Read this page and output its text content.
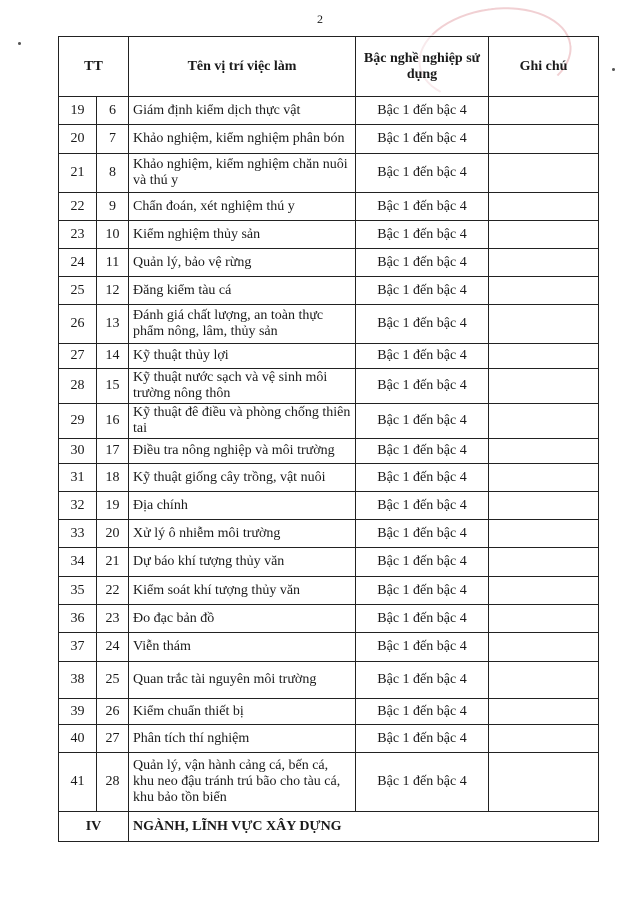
2
TT		Tên vị trí việc làm	Bậc nghề nghiệp sử dụng	Ghi chú
19	6	Giám định kiểm dịch thực vật	Bậc 1 đến bậc 4	
20	7	Khảo nghiệm, kiểm nghiệm phân bón	Bậc 1 đến bậc 4	
21	8	Khảo nghiệm, kiểm nghiệm chăn nuôi và thú y	Bậc 1 đến bậc 4	
22	9	Chẩn đoán, xét nghiệm thú y	Bậc 1 đến bậc 4	
23	10	Kiểm nghiệm thủy sản	Bậc 1 đến bậc 4	
24	11	Quản lý, bảo vệ rừng	Bậc 1 đến bậc 4	
25	12	Đăng kiểm tàu cá	Bậc 1 đến bậc 4	
26	13	Đánh giá chất lượng, an toàn thực phẩm nông, lâm, thủy sản	Bậc 1 đến bậc 4	
27	14	Kỹ thuật thủy lợi	Bậc 1 đến bậc 4	
28	15	Kỹ thuật nước sạch và vệ sinh môi trường nông thôn	Bậc 1 đến bậc 4	
29	16	Kỹ thuật đê điều và phòng chống thiên tai	Bậc 1 đến bậc 4	
30	17	Điều tra nông nghiệp và môi trường	Bậc 1 đến bậc 4	
31	18	Kỹ thuật giống cây trồng, vật nuôi	Bậc 1 đến bậc 4	
32	19	Địa chính	Bậc 1 đến bậc 4	
33	20	Xử lý ô nhiễm môi trường	Bậc 1 đến bậc 4	
34	21	Dự báo khí tượng thủy văn	Bậc 1 đến bậc 4	
35	22	Kiểm soát khí tượng thủy văn	Bậc 1 đến bậc 4	
36	23	Đo đạc bản đồ	Bậc 1 đến bậc 4	
37	24	Viễn thám	Bậc 1 đến bậc 4	
38	25	Quan trắc tài nguyên môi trường	Bậc 1 đến bậc 4	
39	26	Kiểm chuẩn thiết bị	Bậc 1 đến bậc 4	
40	27	Phân tích thí nghiệm	Bậc 1 đến bậc 4	
41	28	Quản lý, vận hành cảng cá, bến cá, khu neo đậu tránh trú bão cho tàu cá, khu bảo tồn biển	Bậc 1 đến bậc 4	
IV		NGÀNH, LĨNH VỰC XÂY DỰNG		
